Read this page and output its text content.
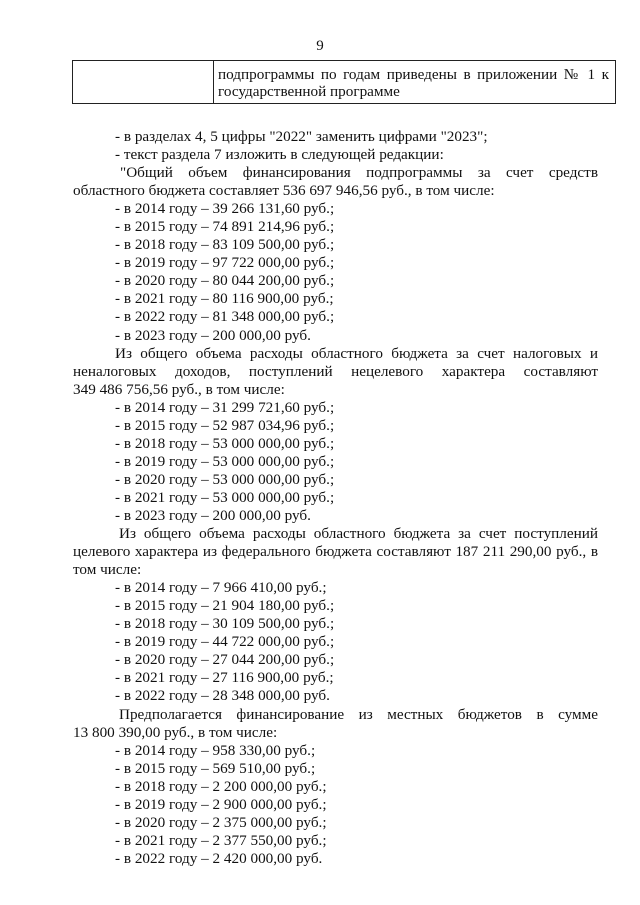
9
подпрограммы по годам приведены в приложении № 1 к
государственной программе
- в разделах 4, 5 цифры "2022" заменить цифрами "2023";
- текст раздела 7 изложить в следующей редакции:
"Общий объем финансирования подпрограммы за счет средств
областного бюджета составляет 536 697 946,56 руб., в том числе:
- в 2014 году – 39 266 131,60 руб.;
- в 2015 году – 74 891 214,96 руб.;
- в 2018 году – 83 109 500,00 руб.;
- в 2019 году – 97 722 000,00 руб.;
- в 2020 году – 80 044 200,00 руб.;
- в 2021 году – 80 116 900,00 руб.;
- в 2022 году – 81 348 000,00 руб.;
- в 2023 году – 200 000,00 руб.
Из общего объема расходы областного бюджета за счет налоговых и
неналоговых доходов, поступлений нецелевого характера составляют
349 486 756,56 руб., в том числе:
- в 2014 году – 31 299 721,60 руб.;
- в 2015 году – 52 987 034,96 руб.;
- в 2018 году – 53 000 000,00 руб.;
- в 2019 году – 53 000 000,00 руб.;
- в 2020 году – 53 000 000,00 руб.;
- в 2021 году – 53 000 000,00 руб.;
- в 2023 году – 200 000,00 руб.
Из общего объема расходы областного бюджета за счет поступлений
целевого характера из федерального бюджета составляют 187 211 290,00 руб., в
том числе:
- в 2014 году – 7 966 410,00 руб.;
- в 2015 году – 21 904 180,00 руб.;
- в 2018 году – 30 109 500,00 руб.;
- в 2019 году – 44 722 000,00 руб.;
- в 2020 году – 27 044 200,00 руб.;
- в 2021 году – 27 116 900,00 руб.;
- в 2022 году – 28 348 000,00 руб.
Предполагается финансирование из местных бюджетов в сумме
13 800 390,00 руб., в том числе:
- в 2014 году – 958 330,00 руб.;
- в 2015 году – 569 510,00 руб.;
- в 2018 году – 2 200 000,00 руб.;
- в 2019 году – 2 900 000,00 руб.;
- в 2020 году – 2 375 000,00 руб.;
- в 2021 году – 2 377 550,00 руб.;
- в 2022 году – 2 420 000,00 руб.
